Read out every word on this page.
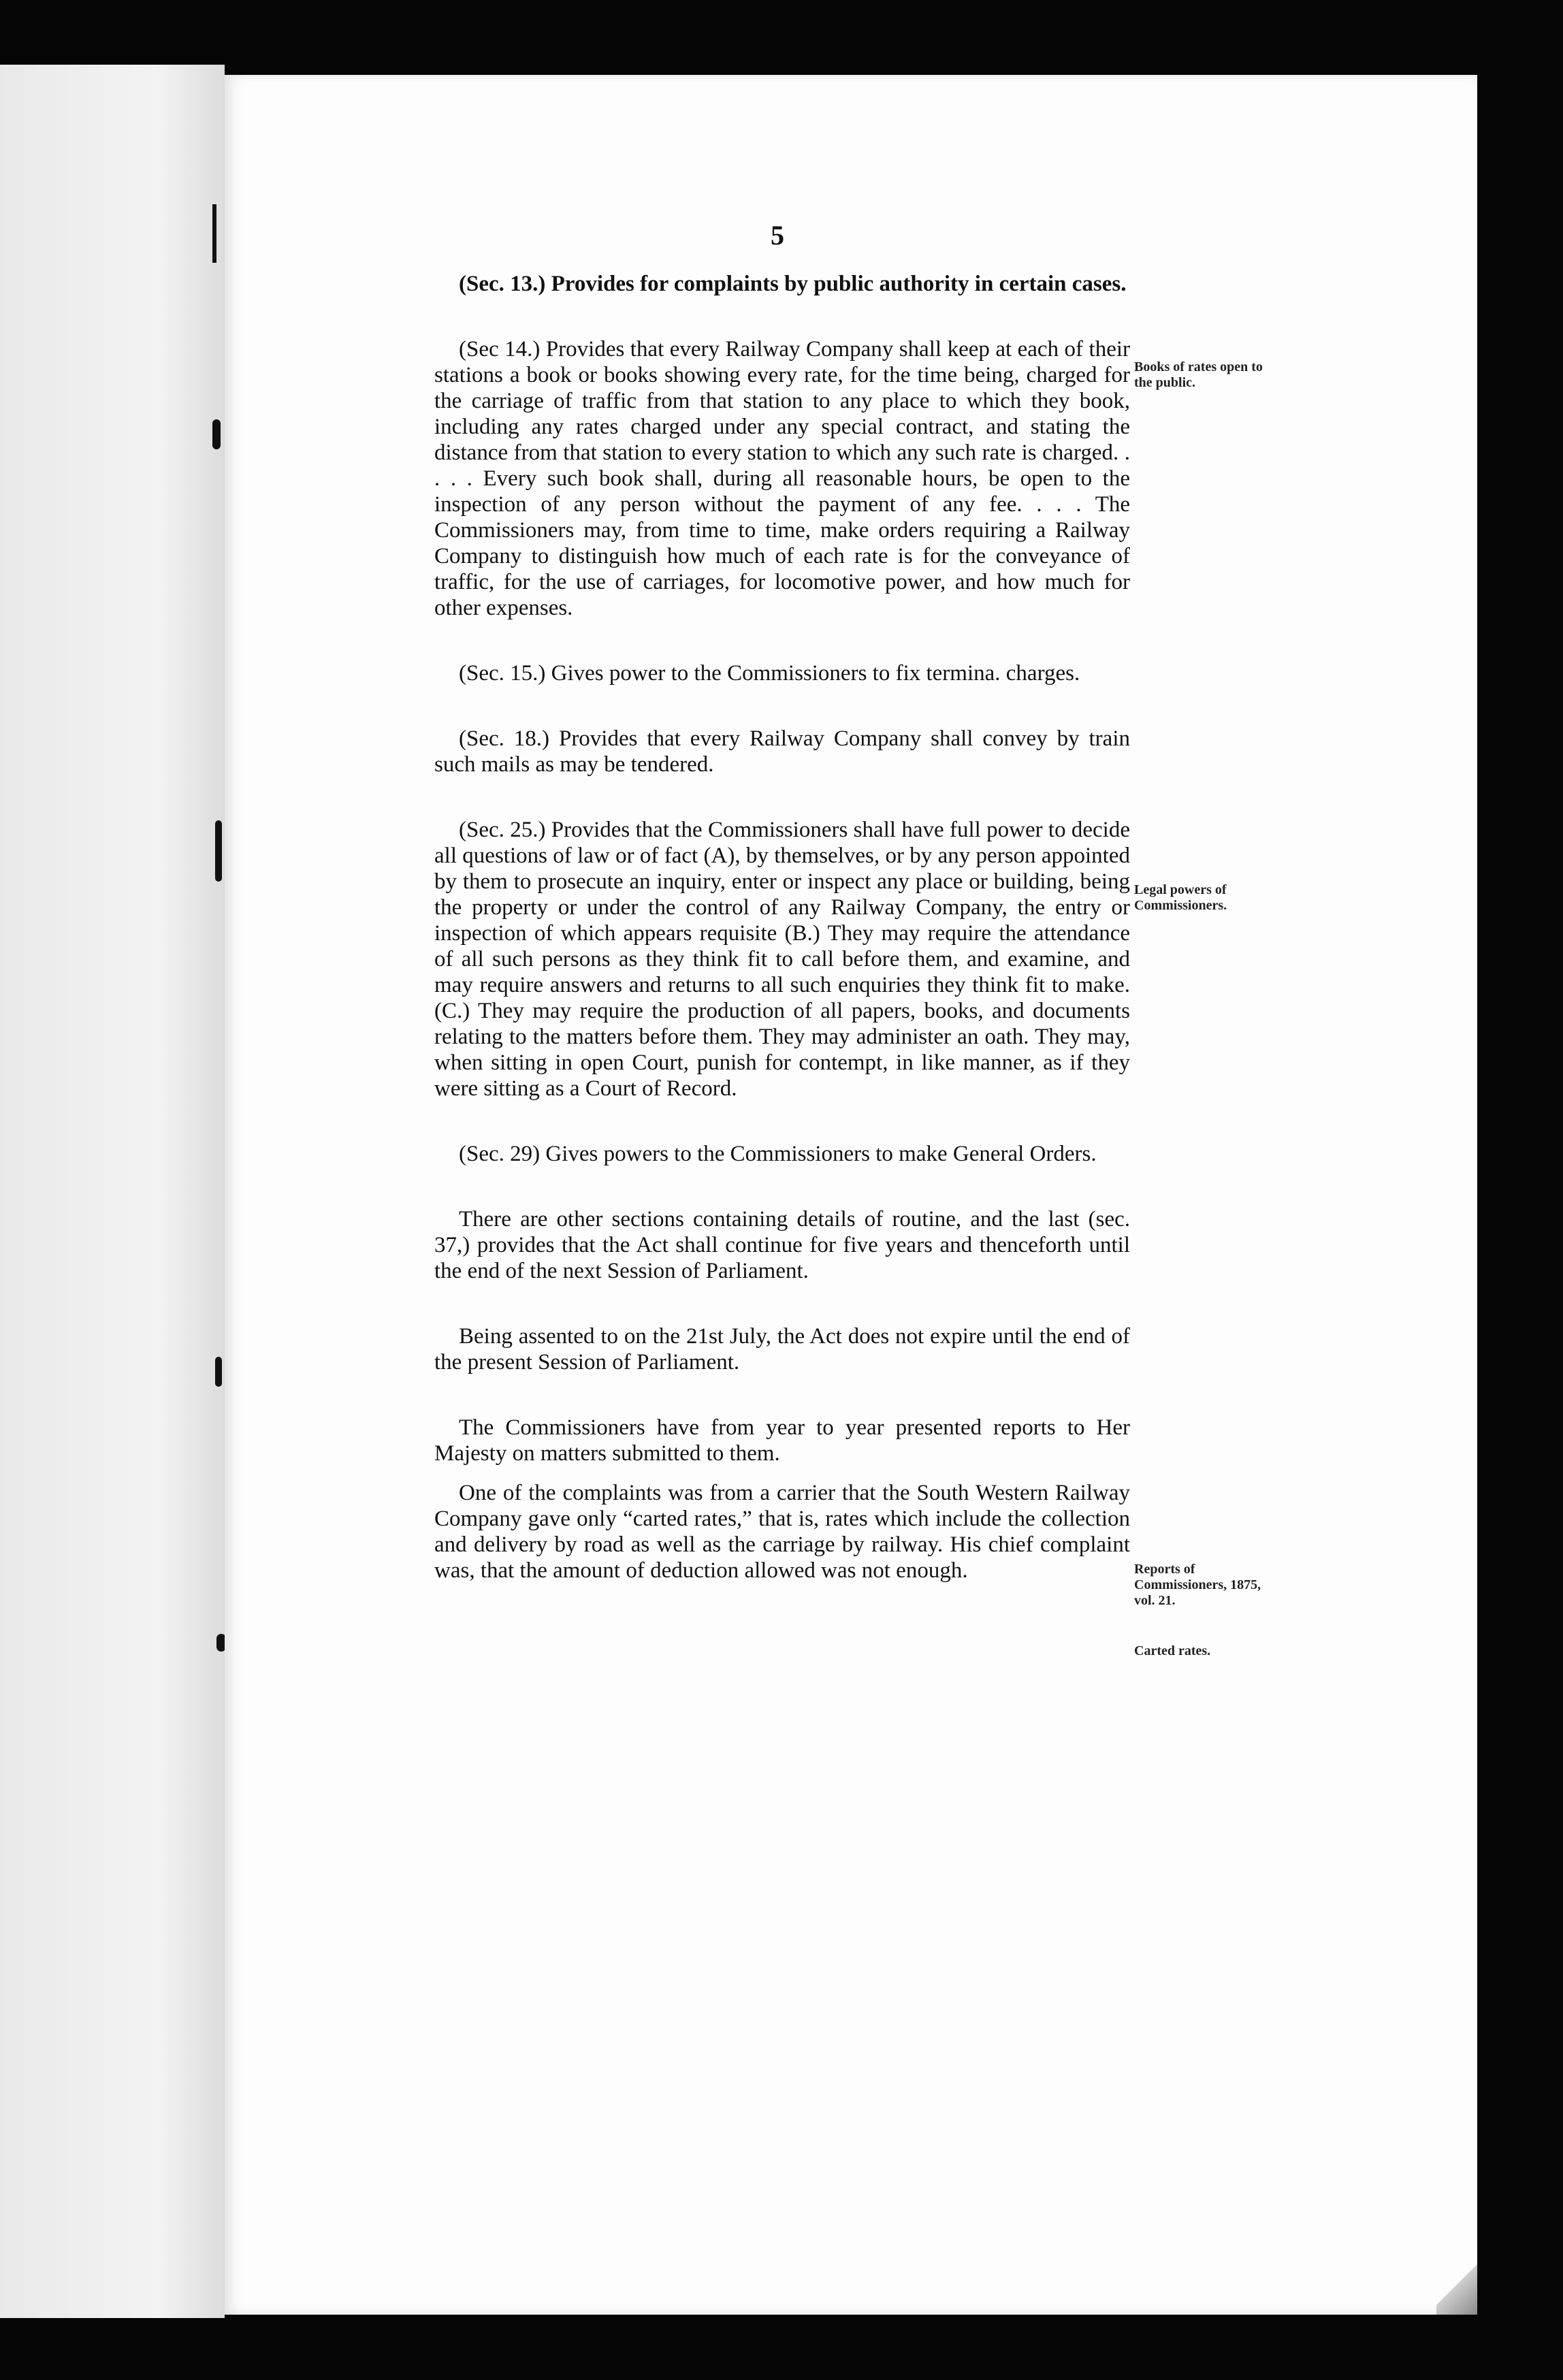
5

(Sec. 13.) Provides for complaints by public authority in certain cases.

(Sec 14.) Provides that every Railway Company shall keep at each of their stations a book or books showing every rate, for the time being, charged for the carriage of traffic from that station to any place to which they book, including any rates charged under any special contract, and stating the distance from that station to every station to which any such rate is charged. . . . . Every such book shall, during all reasonable hours, be open to the inspection of any person without the payment of any fee. . . . The Commissioners may, from time to time, make orders requiring a Railway Company to distinguish how much of each rate is for the conveyance of traffic, for the use of carriages, for locomotive power, and how much for other expenses.

(Sec. 15.) Gives power to the Commissioners to fix termina. charges.

(Sec. 18.) Provides that every Railway Company shall convey by train such mails as may be tendered.

(Sec. 25.) Provides that the Commissioners shall have full power to decide all questions of law or of fact (A), by themselves, or by any person appointed by them to prosecute an inquiry, enter or inspect any place or building, being the property or under the control of any Railway Company, the entry or inspection of which appears requisite (B.) They may require the attendance of all such persons as they think fit to call before them, and examine, and may require answers and returns to all such enquiries they think fit to make. (C.) They may require the production of all papers, books, and documents relating to the matters before them. They may administer an oath. They may, when sitting in open Court, punish for contempt, in like manner, as if they were sitting as a Court of Record.

(Sec. 29) Gives powers to the Commissioners to make General Orders.

There are other sections containing details of routine, and the last (sec. 37,) provides that the Act shall continue for five years and thenceforth until the end of the next Session of Parliament.

Being assented to on the 21st July, the Act does not expire until the end of the present Session of Parliament.

The Commissioners have from year to year presented reports to Her Majesty on matters submitted to them.

One of the complaints was from a carrier that the South Western Railway Company gave only “carted rates,” that is, rates which include the collection and delivery by road as well as the carriage by railway. His chief complaint was, that the amount of deduction allowed was not enough.

Books of rates open to the public.
Legal powers of Commissioners.
Reports of Commissioners, 1875, vol. 21.
Carted rates.
